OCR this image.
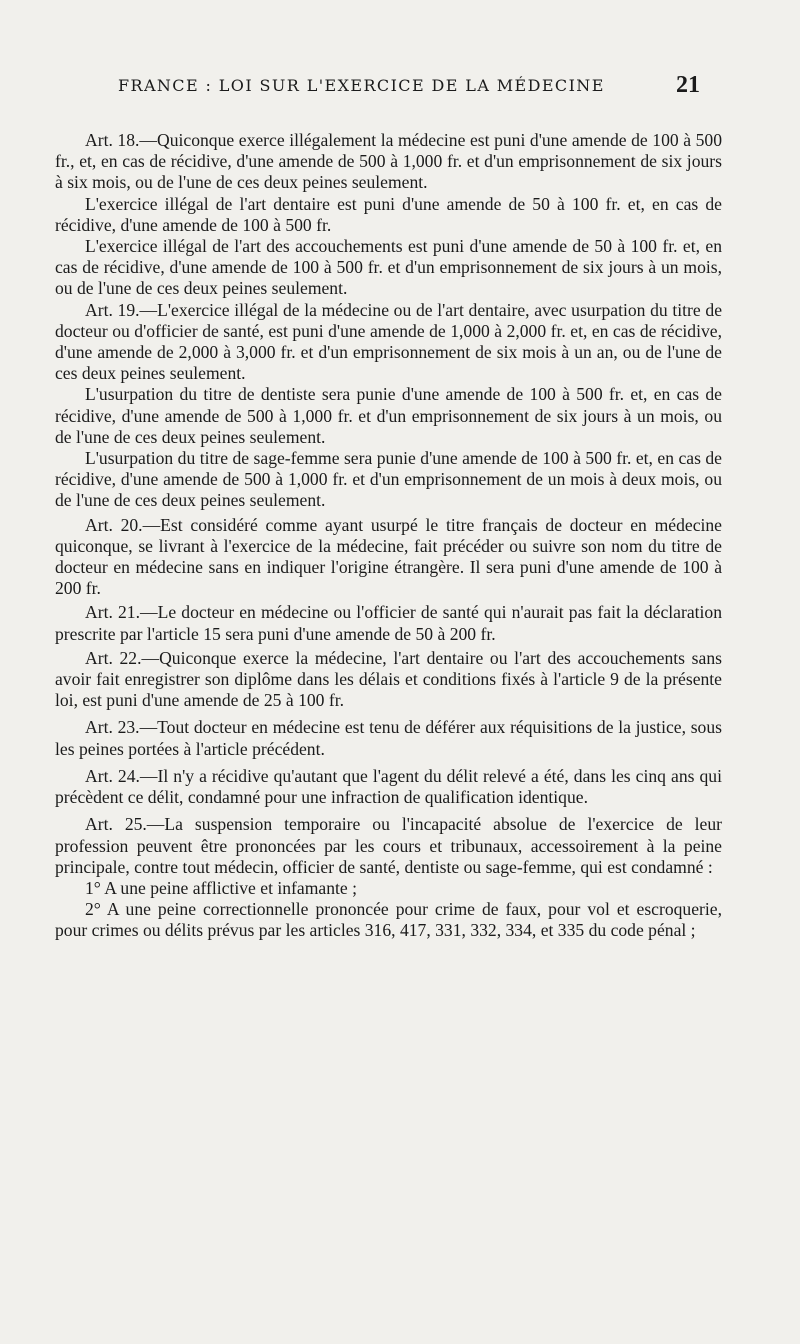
FRANCE : LOI SUR L'EXERCICE DE LA MÉDECINE	21

Art. 18.—Quiconque exerce illégalement la médecine est puni d'une amende de 100 à 500 fr., et, en cas de récidive, d'une amende de 500 à 1,000 fr. et d'un emprisonnement de six jours à six mois, ou de l'une de ces deux peines seulement.

L'exercice illégal de l'art dentaire est puni d'une amende de 50 à 100 fr. et, en cas de récidive, d'une amende de 100 à 500 fr.

L'exercice illégal de l'art des accouchements est puni d'une amende de 50 à 100 fr. et, en cas de récidive, d'une amende de 100 à 500 fr. et d'un emprisonnement de six jours à un mois, ou de l'une de ces deux peines seulement.

Art. 19.—L'exercice illégal de la médecine ou de l'art dentaire, avec usurpation du titre de docteur ou d'officier de santé, est puni d'une amende de 1,000 à 2,000 fr. et, en cas de récidive, d'une amende de 2,000 à 3,000 fr. et d'un emprisonnement de six mois à un an, ou de l'une de ces deux peines seulement.

L'usurpation du titre de dentiste sera punie d'une amende de 100 à 500 fr. et, en cas de récidive, d'une amende de 500 à 1,000 fr. et d'un emprisonnement de six jours à un mois, ou de l'une de ces deux peines seulement.

L'usurpation du titre de sage-femme sera punie d'une amende de 100 à 500 fr. et, en cas de récidive, d'une amende de 500 à 1,000 fr. et d'un emprisonnement de un mois à deux mois, ou de l'une de ces deux peines seulement.

Art. 20.—Est considéré comme ayant usurpé le titre français de docteur en médecine quiconque, se livrant à l'exercice de la médecine, fait précéder ou suivre son nom du titre de docteur en médecine sans en indiquer l'origine étrangère. Il sera puni d'une amende de 100 à 200 fr.

Art. 21.—Le docteur en médecine ou l'officier de santé qui n'aurait pas fait la déclaration prescrite par l'article 15 sera puni d'une amende de 50 à 200 fr.

Art. 22.—Quiconque exerce la médecine, l'art dentaire ou l'art des accouchements sans avoir fait enregistrer son diplôme dans les délais et conditions fixés à l'article 9 de la présente loi, est puni d'une amende de 25 à 100 fr.

Art. 23.—Tout docteur en médecine est tenu de déférer aux réquisitions de la justice, sous les peines portées à l'article précédent.

Art. 24.—Il n'y a récidive qu'autant que l'agent du délit relevé a été, dans les cinq ans qui précèdent ce délit, condamné pour une infraction de qualification identique.

Art. 25.—La suspension temporaire ou l'incapacité absolue de l'exercice de leur profession peuvent être prononcées par les cours et tribunaux, accessoirement à la peine principale, contre tout médecin, officier de santé, dentiste ou sage-femme, qui est condamné :

1° A une peine afflictive et infamante ;

2° A une peine correctionnelle prononcée pour crime de faux, pour vol et escroquerie, pour crimes ou délits prévus par les articles 316, 417, 331, 332, 334, et 335 du code pénal ;
